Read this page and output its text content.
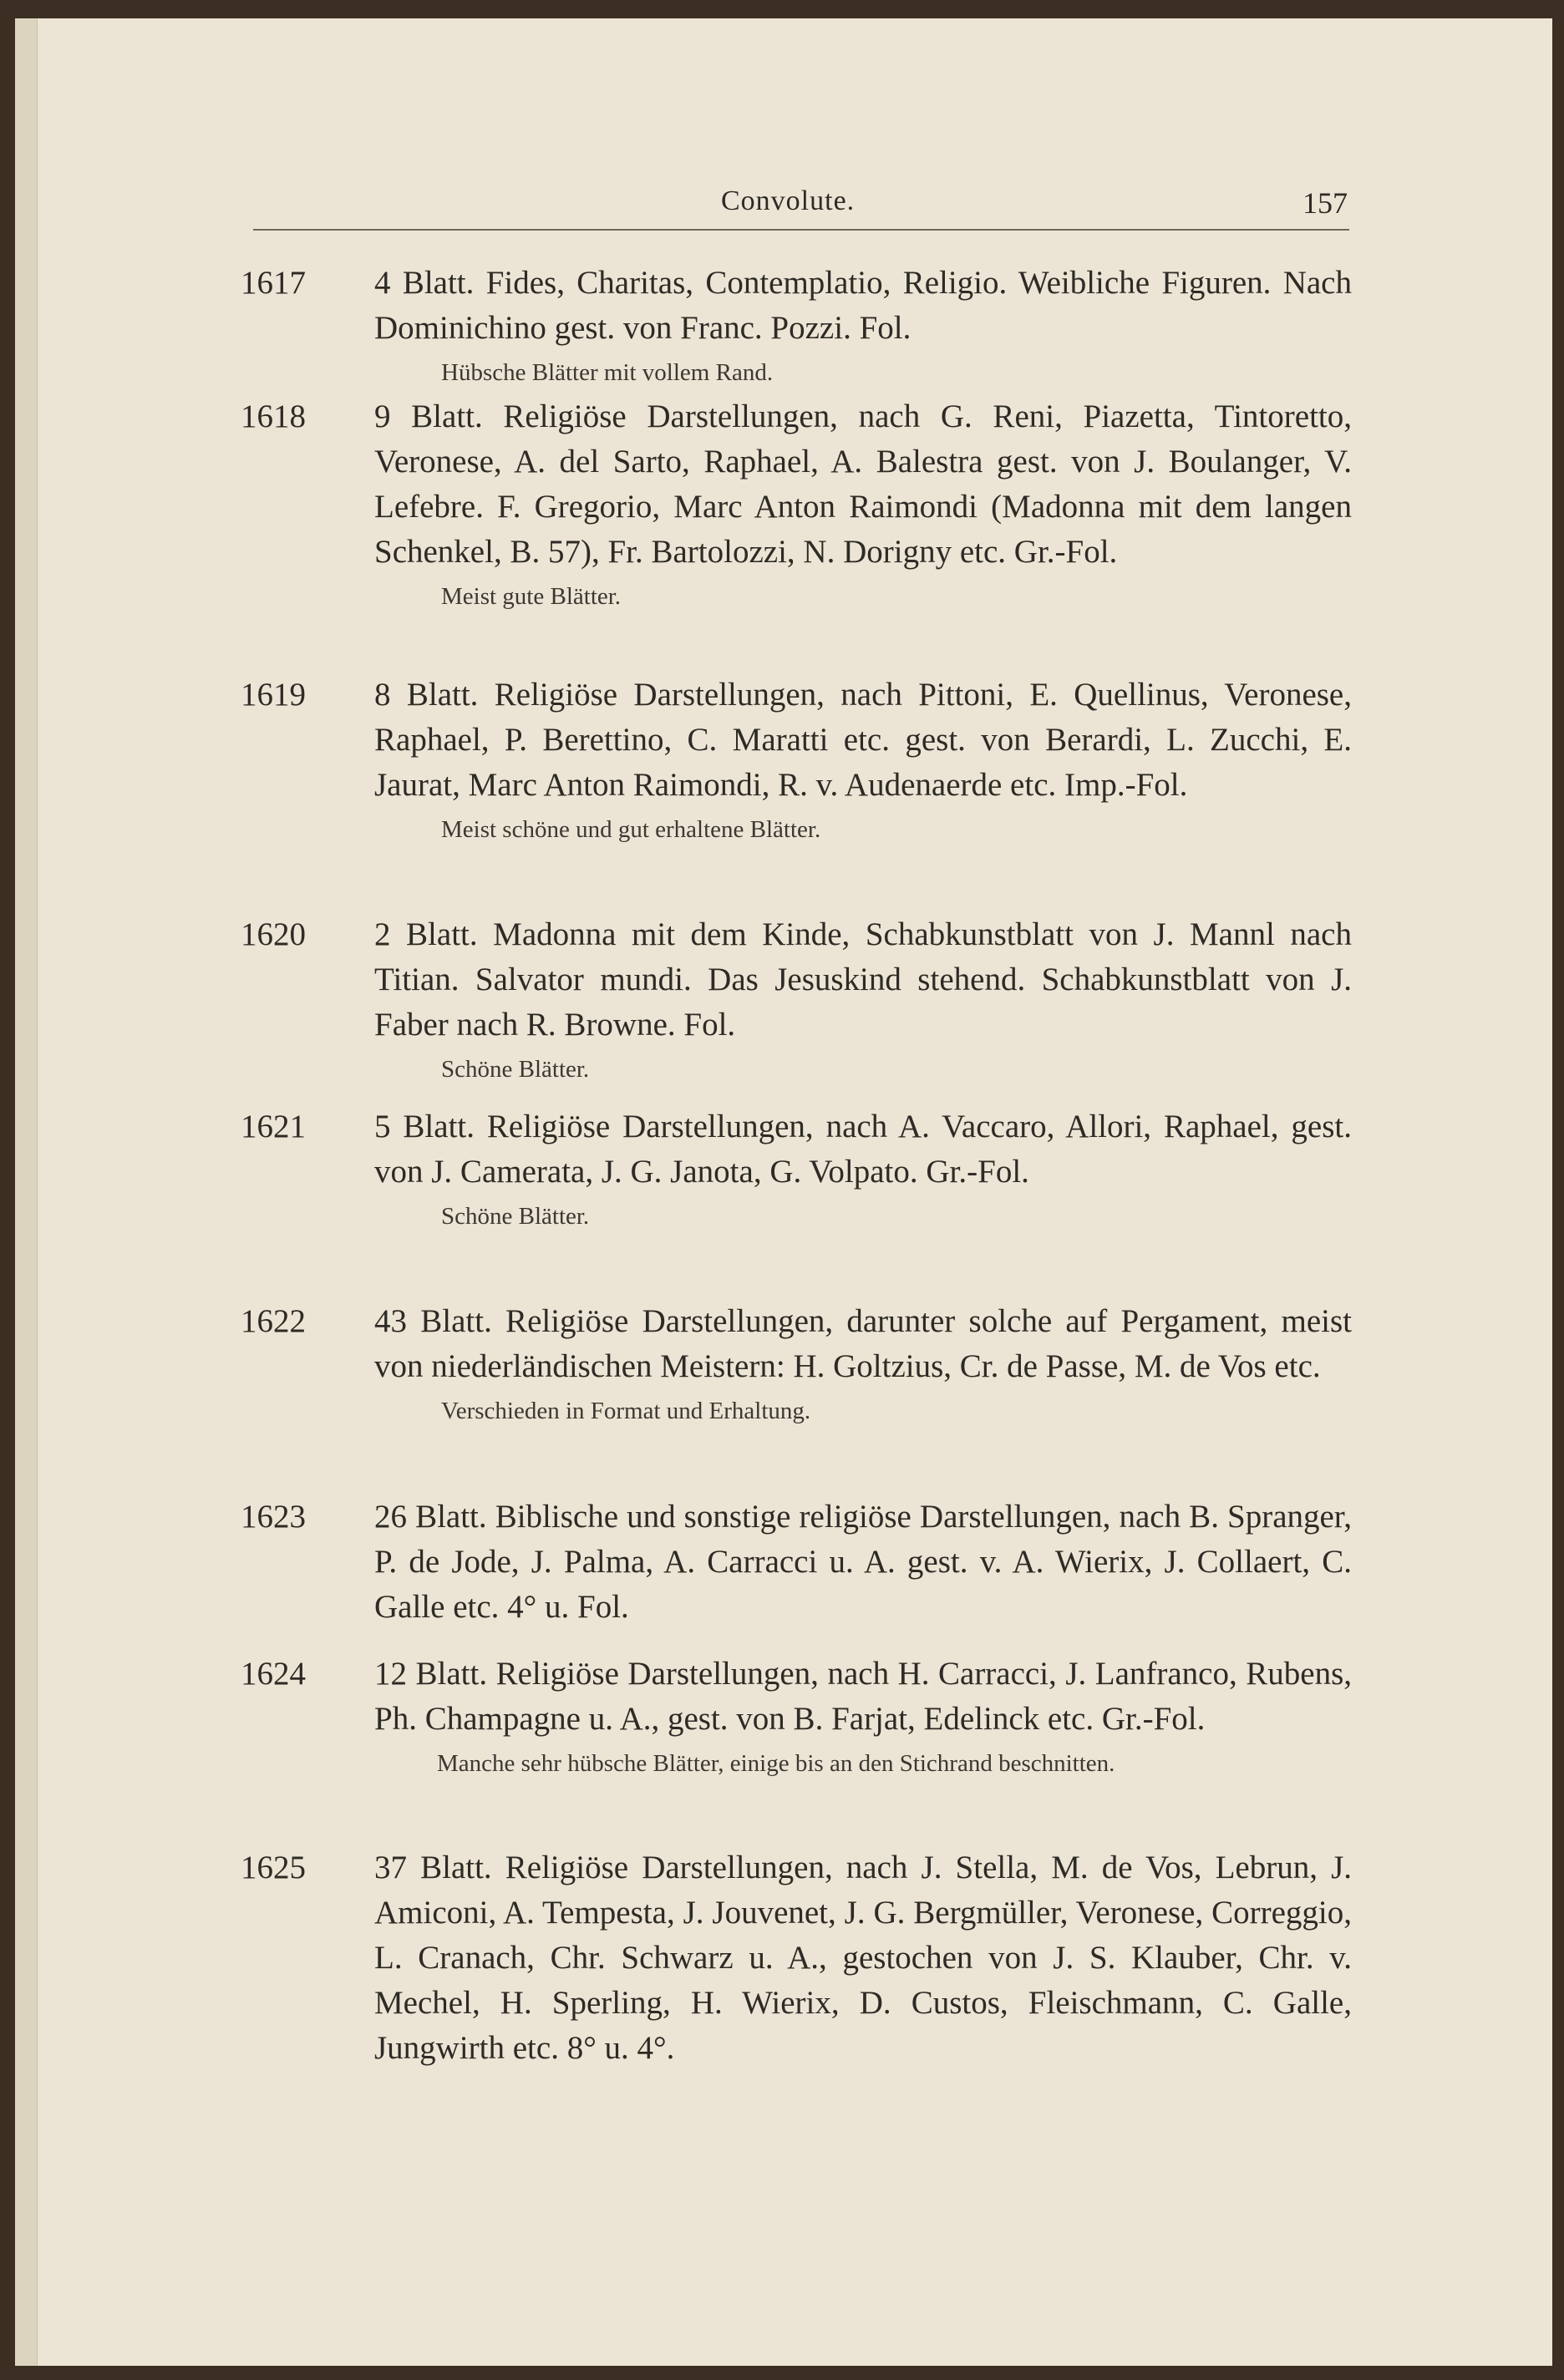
Convolute.	157
1617 4 Blatt. Fides, Charitas, Contemplatio, Religio. Weibliche Figuren. Nach Dominichino gest. von Franc. Pozzi. Fol.
Hübsche Blätter mit vollem Rand.
1618 9 Blatt. Religiöse Darstellungen, nach G. Reni, Piazetta, Tintoretto, Veronese, A. del Sarto, Raphael, A. Balestra gest. von J. Boulanger, V. Lefebre. F. Gregorio, Marc Anton Raimondi (Madonna mit dem langen Schenkel, B. 57), Fr. Bartolozzi, N. Dorigny etc. Gr.-Fol.
Meist gute Blätter.
1619 8 Blatt. Religiöse Darstellungen, nach Pittoni, E. Quellinus, Veronese, Raphael, P. Berettino, C. Maratti etc. gest. von Berardi, L. Zucchi, E. Jaurat, Marc Anton Raimondi, R. v. Audenaerde etc. Imp.-Fol.
Meist schöne und gut erhaltene Blätter.
1620 2 Blatt. Madonna mit dem Kinde, Schabkunstblatt von J. Mannl nach Titian. Salvator mundi. Das Jesuskind stehend. Schabkunstblatt von J. Faber nach R. Browne. Fol.
Schöne Blätter.
1621 5 Blatt. Religiöse Darstellungen, nach A. Vaccaro, Allori, Raphael, gest. von J. Camerata, J. G. Janota, G. Volpato. Gr.-Fol.
Schöne Blätter.
1622 43 Blatt. Religiöse Darstellungen, darunter solche auf Pergament, meist von niederländischen Meistern: H. Goltzius, Cr. de Passe, M. de Vos etc.
Verschieden in Format und Erhaltung.
1623 26 Blatt. Biblische und sonstige religiöse Darstellungen, nach B. Spranger, P. de Jode, J. Palma, A. Carracci u. A. gest. v. A. Wierix, J. Collaert, C. Galle etc. 4° u. Fol.
1624 12 Blatt. Religiöse Darstellungen, nach H. Carracci, J. Lanfranco, Rubens, Ph. Champagne u. A., gest. von B. Farjat, Edelinck etc. Gr.-Fol.
Manche sehr hübsche Blätter, einige bis an den Stichrand beschnitten.
1625 37 Blatt. Religiöse Darstellungen, nach J. Stella, M. de Vos, Lebrun, J. Amiconi, A. Tempesta, J. Jouvenet, J. G. Bergmüller, Veronese, Correggio, L. Cranach, Chr. Schwarz u. A., gestochen von J. S. Klauber, Chr. v. Mechel, H. Sperling, H. Wierix, D. Custos, Fleischmann, C. Galle, Jungwirth etc. 8° u. 4°.
